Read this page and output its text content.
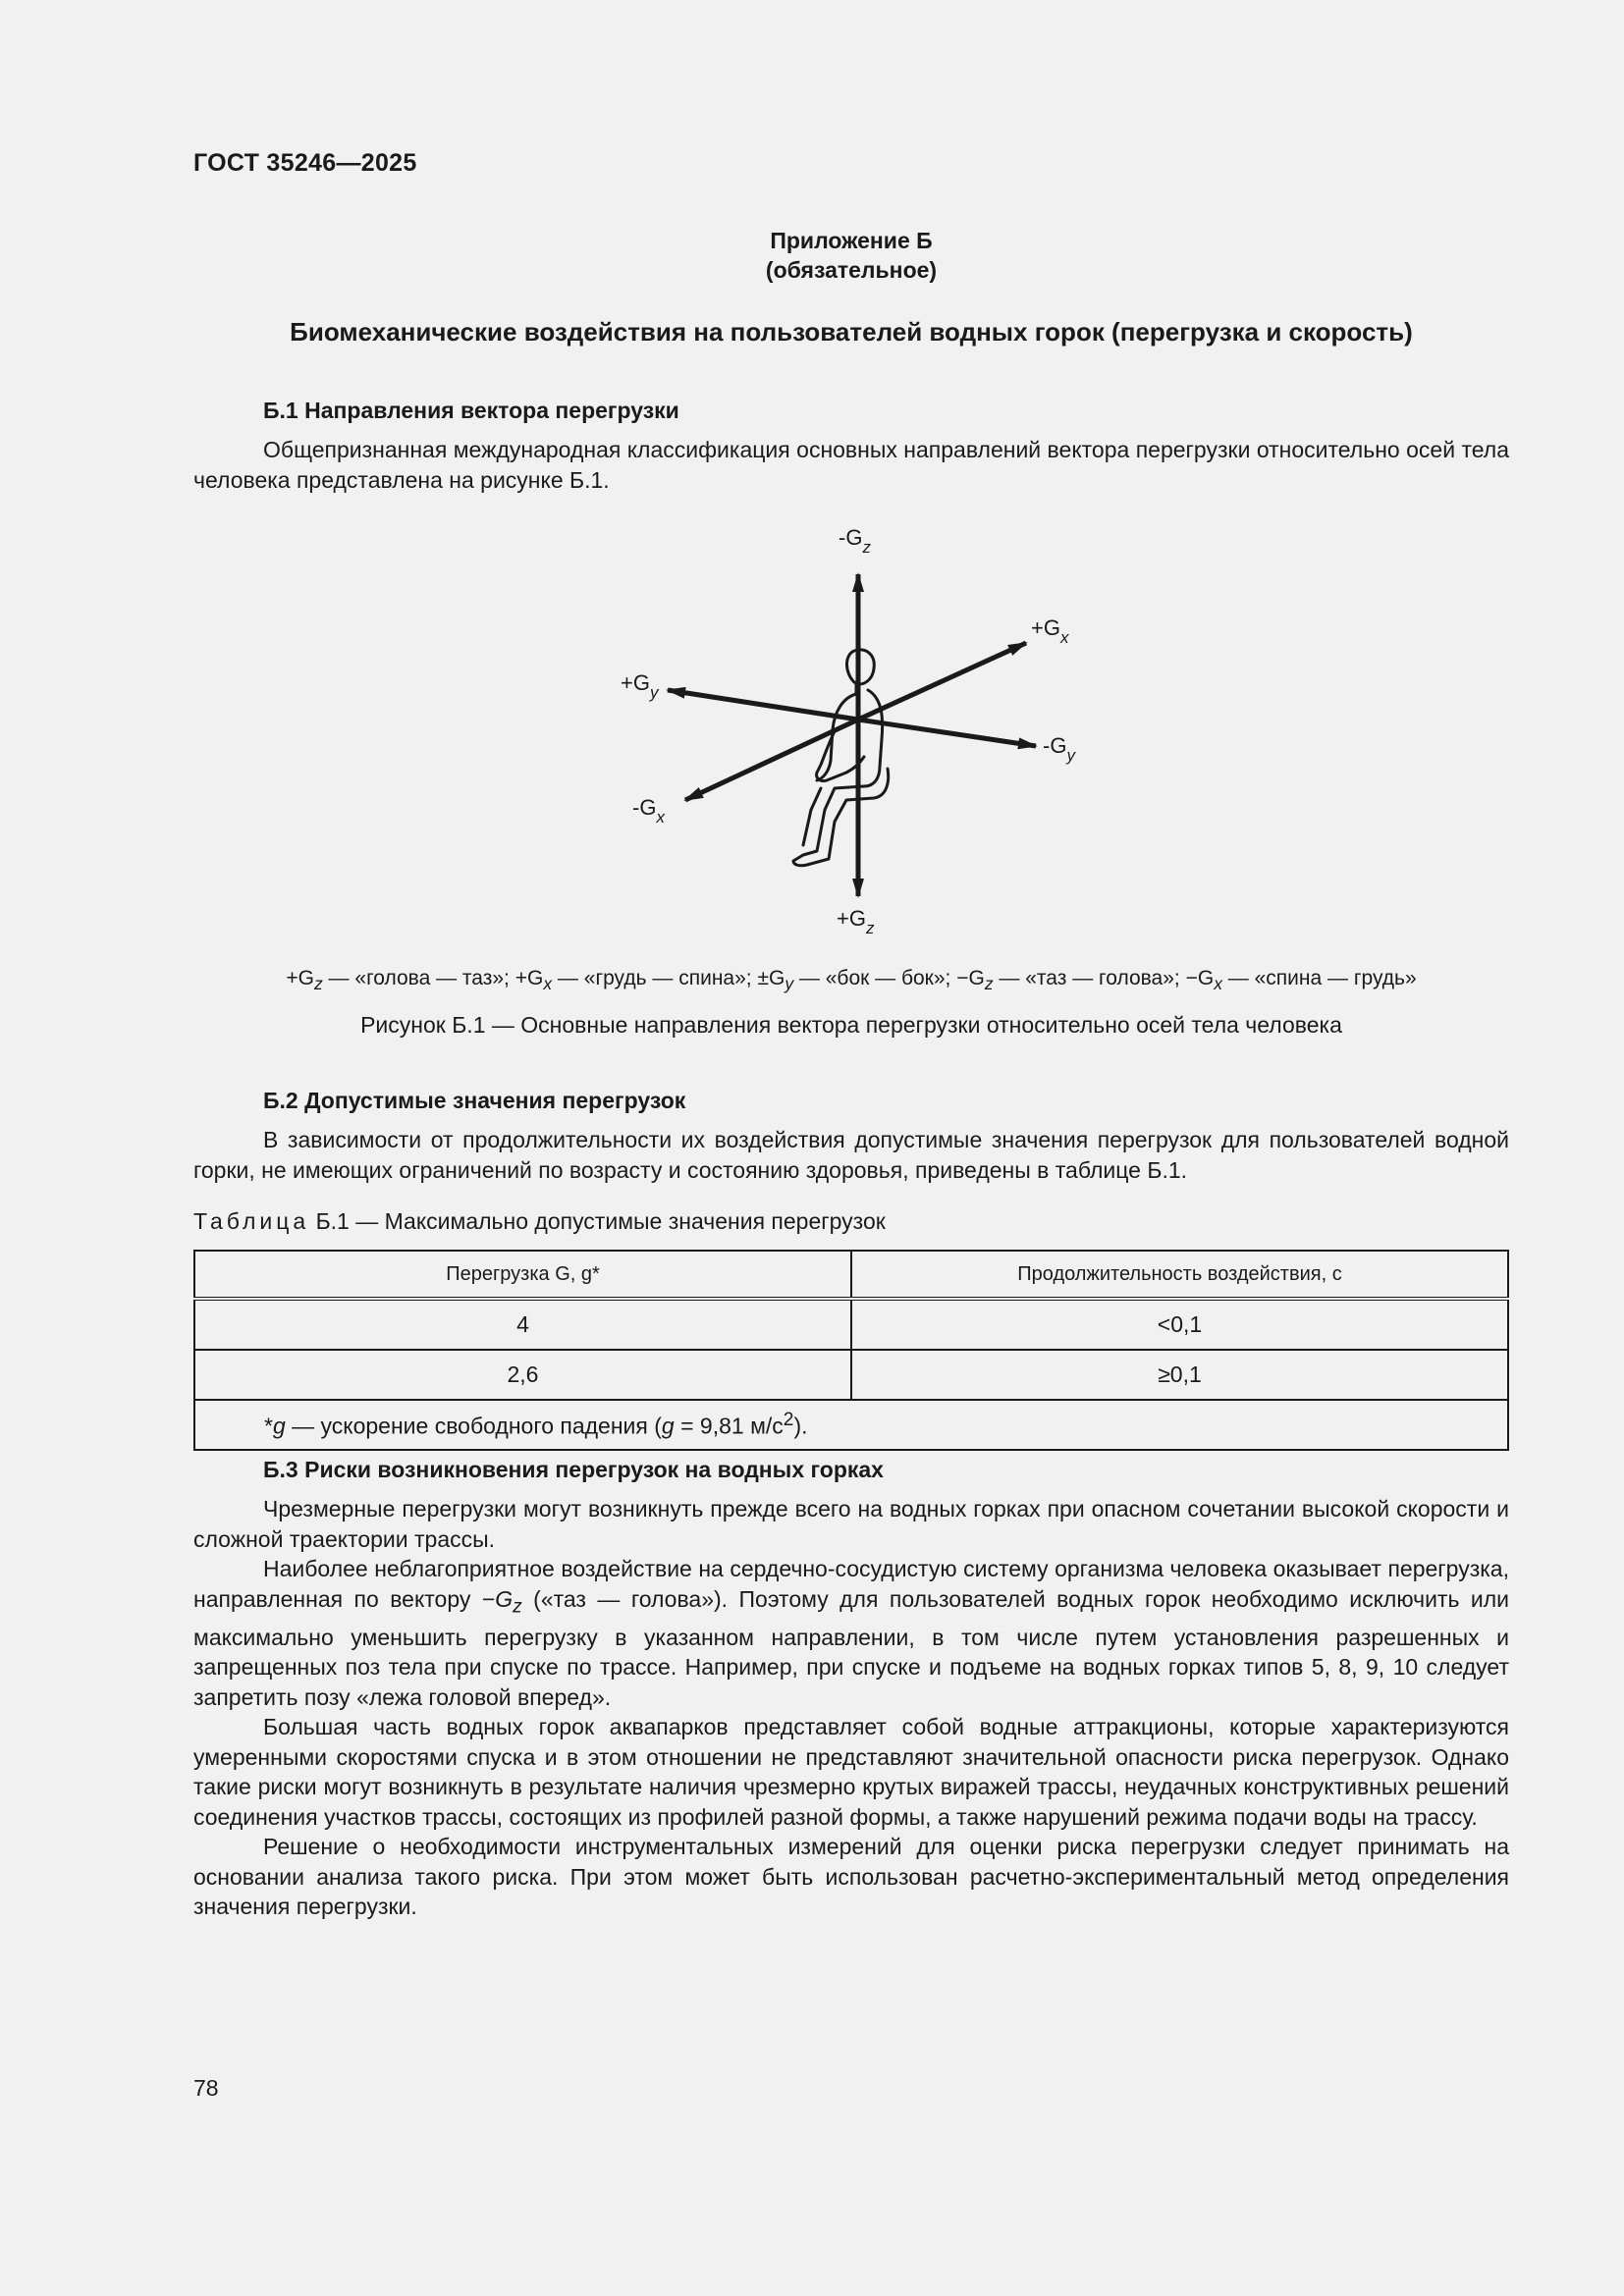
ГОСТ 35246—2025
Приложение Б
(обязательное)
Биомеханические воздействия на пользователей водных горок (перегрузка и скорость)
Б.1 Направления вектора перегрузки
Общепризнанная международная классификация основных направлений вектора перегрузки относительно осей тела человека представлена на рисунке Б.1.
$-G_z$
$+G_z$
$+G_x$
$-G_x$
$+G_y$
$-G_y$
$+G_z$ — «голова — таз»; $+G_x$ — «грудь — спина»; $\pm G_y$ — «бок — бок»; $-G_z$ — «таз — голова»; $-G_x$ — «спина — грудь»
Рисунок Б.1 — Основные направления вектора перегрузки относительно осей тела человека
Б.2 Допустимые значения перегрузок
В зависимости от продолжительности их воздействия допустимые значения перегрузок для пользователей водной горки, не имеющих ограничений по возрасту и состоянию здоровья, приведены в таблице Б.1.
Таблица Б.1 — Максимально допустимые значения перегрузок
Перегрузка G, g*	Продолжительность воздействия, с
4	<0,1
2,6	≥0,1
*g — ускорение свободного падения (g = 9,81 $м/с^2$).	
Б.3 Риски возникновения перегрузок на водных горках

Чрезмерные перегрузки могут возникнуть прежде всего на водных горках при опасном сочетании высокой скорости и сложной траектории трассы.

Наиболее неблагоприятное воздействие на сердечно-сосудистую систему организма человека оказывает перегрузка, направленная по вектору $-G_z$ («таз — голова»). Поэтому для пользователей водных горок необходимо исключить или максимально уменьшить перегрузку в указанном направлении, в том числе путем установления разрешенных и запрещенных поз тела при спуске по трассе. Например, при спуске и подъеме на водных горках типов 5, 8, 9, 10 следует запретить позу «лежа головой вперед».

Большая часть водных горок аквапарков представляет собой водные аттракционы, которые характеризуются умеренными скоростями спуска и в этом отношении не представляют значительной опасности риска перегрузок. Однако такие риски могут возникнуть в результате наличия чрезмерно крутых виражей трассы, неудачных конструктивных решений соединения участков трассы, состоящих из профилей разной формы, а также нарушений режима подачи воды на трассу.

Решение о необходимости инструментальных измерений для оценки риска перегрузки следует принимать на основании анализа такого риска. При этом может быть использован расчетно-экспериментальный метод определения значения перегрузки.

78
